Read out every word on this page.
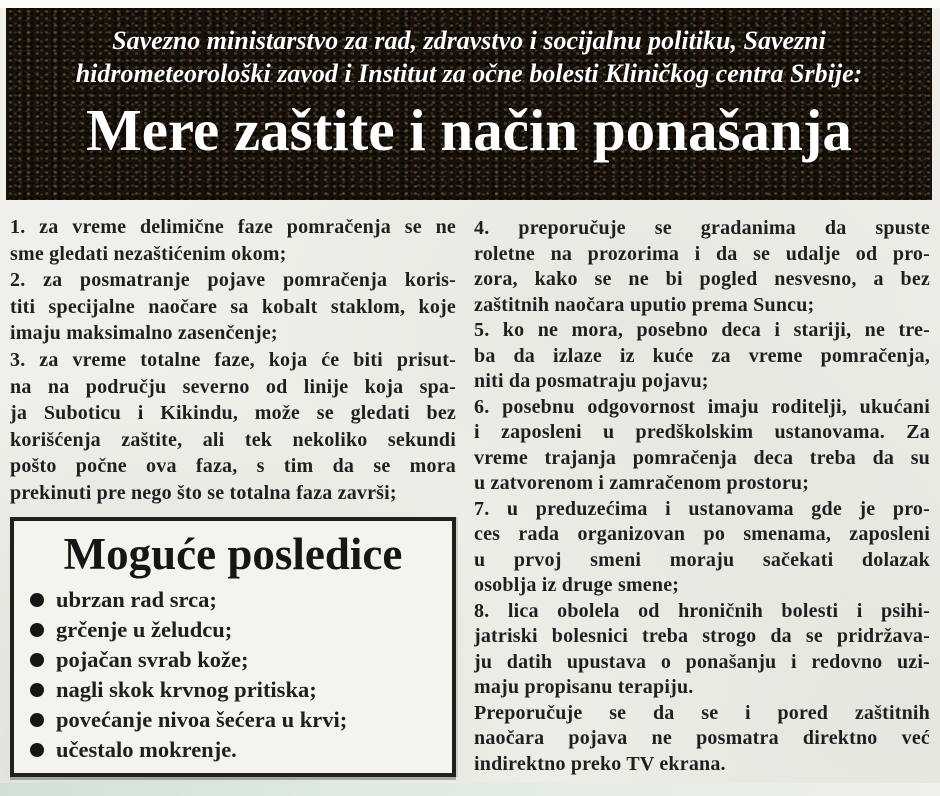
Savezno ministarstvo za rad, zdravstvo i socijalnu politiku, Savezni
hidrometeorološki zavod i Institut za očne bolesti Kliničkog centra Srbije:
Mere zaštite i način ponašanja
1. za vreme delimične faze pomračenja se ne
sme gledati nezaštićenim okom;
2. za posmatranje pojave pomračenja koris-
titi specijalne naočare sa kobalt staklom, koje
imaju maksimalno zasenčenje;
3. za vreme totalne faze, koja će biti prisut-
na na području severno od linije koja spa-
ja Suboticu i Kikindu, može se gledati bez
korišćenja zaštite, ali tek nekoliko sekundi
pošto počne ova faza, s tim da se mora
prekinuti pre nego što se totalna faza završi;
Moguće posledice
ubrzan rad srca;
grčenje u želudcu;
pojačan svrab kože;
nagli skok krvnog pritiska;
povećanje nivoa šećera u krvi;
učestalo mokrenje.
4. preporučuje se gradanima da spuste
roletne na prozorima i da se udalje od pro-
zora, kako se ne bi pogled nesvesno, a bez
zaštitnih naočara uputio prema Suncu;
5. ko ne mora, posebno deca i stariji, ne tre-
ba da izlaze iz kuće za vreme pomračenja,
niti da posmatraju pojavu;
6. posebnu odgovornost imaju roditelji, ukućani
i zaposleni u predškolskim ustanovama. Za
vreme trajanja pomračenja deca treba da su
u zatvorenom i zamračenom prostoru;
7. u preduzećima i ustanovama gde je pro-
ces rada organizovan po smenama, zaposleni
u prvoj smeni moraju sačekati dolazak
osoblja iz druge smene;
8. lica obolela od hroničnih bolesti i psihi-
jatriski bolesnici treba strogo da se pridržava-
ju datih upustava o ponašanju i redovno uzi-
maju propisanu terapiju.
Preporučuje se da se i pored zaštitnih
naočara pojava ne posmatra direktno već
indirektno preko TV ekrana.
